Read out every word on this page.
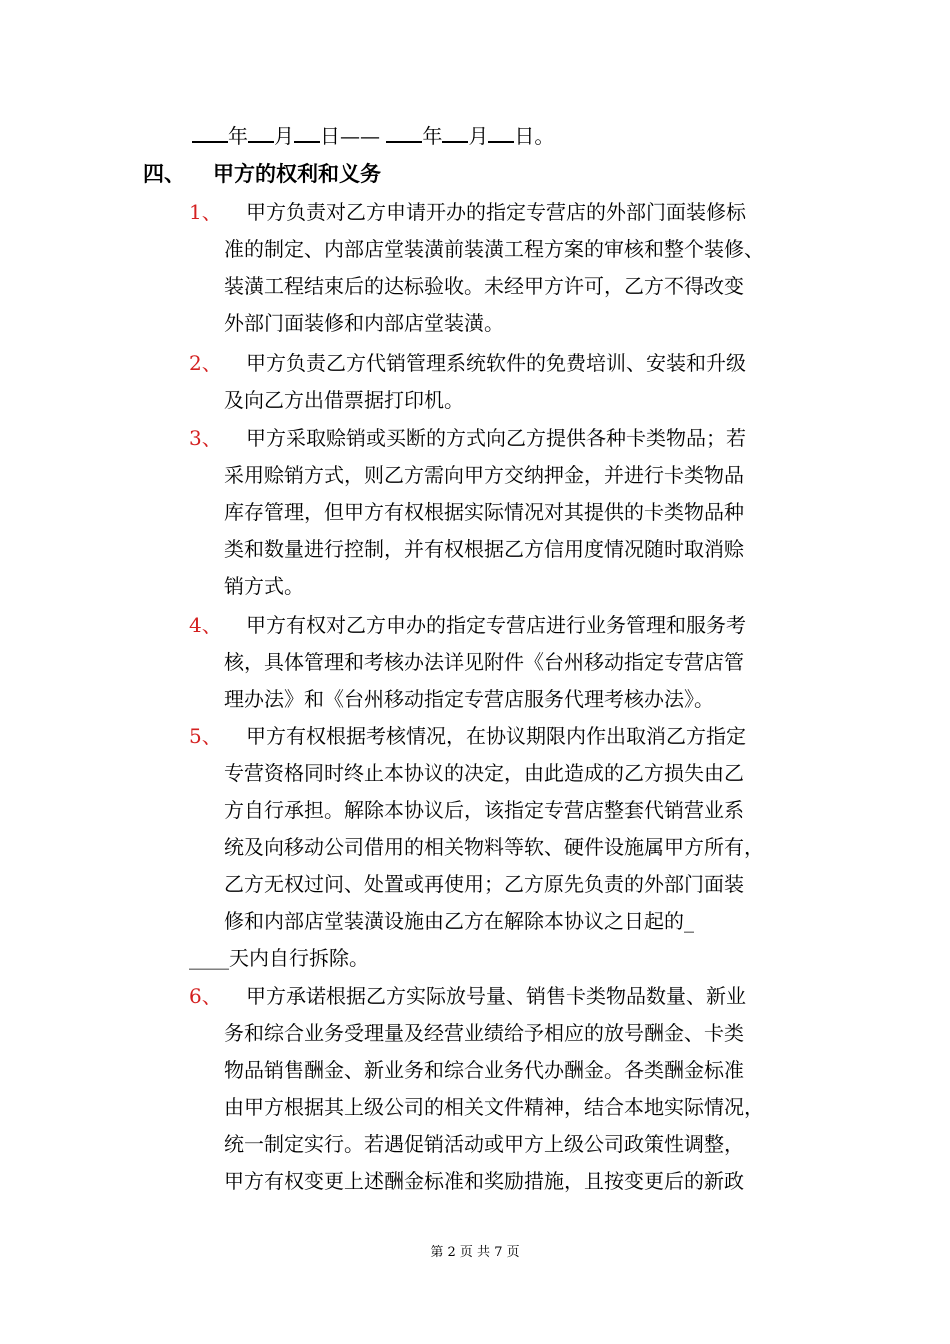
年 月 日—— 年 月 日。
四、 甲方的权利和义务
1、 甲方负责对乙方申请开办的指定专营店的外部门面装修标
准的制定、内部店堂装潢前装潢工程方案的审核和整个装修、
装潢工程结束后的达标验收。未经甲方许可，乙方不得改变
外部门面装修和内部店堂装潢。
2、 甲方负责乙方代销管理系统软件的免费培训、安装和升级
及向乙方出借票据打印机。
3、 甲方采取赊销或买断的方式向乙方提供各种卡类物品；若
采用赊销方式，则乙方需向甲方交纳押金，并进行卡类物品
库存管理，但甲方有权根据实际情况对其提供的卡类物品种
类和数量进行控制，并有权根据乙方信用度情况随时取消赊
销方式。
4、 甲方有权对乙方申办的指定专营店进行业务管理和服务考
核，具体管理和考核办法详见附件《台州移动指定专营店管
理办法》和《台州移动指定专营店服务代理考核办法》。
5、 甲方有权根据考核情况，在协议期限内作出取消乙方指定
专营资格同时终止本协议的决定，由此造成的乙方损失由乙
方自行承担。解除本协议后，该指定专营店整套代销营业系
统及向移动公司借用的相关物料等软、硬件设施属甲方所有，
乙方无权过问、处置或再使用；乙方原先负责的外部门面装
修和内部店堂装潢设施由乙方在解除本协议之日起的_
____天内自行拆除。
6、 甲方承诺根据乙方实际放号量、销售卡类物品数量、新业
务和综合业务受理量及经营业绩给予相应的放号酬金、卡类
物品销售酬金、新业务和综合业务代办酬金。各类酬金标准
由甲方根据其上级公司的相关文件精神，结合本地实际情况，
统一制定实行。若遇促销活动或甲方上级公司政策性调整，
甲方有权变更上述酬金标准和奖励措施，且按变更后的新政
第 2 页 共 7 页
